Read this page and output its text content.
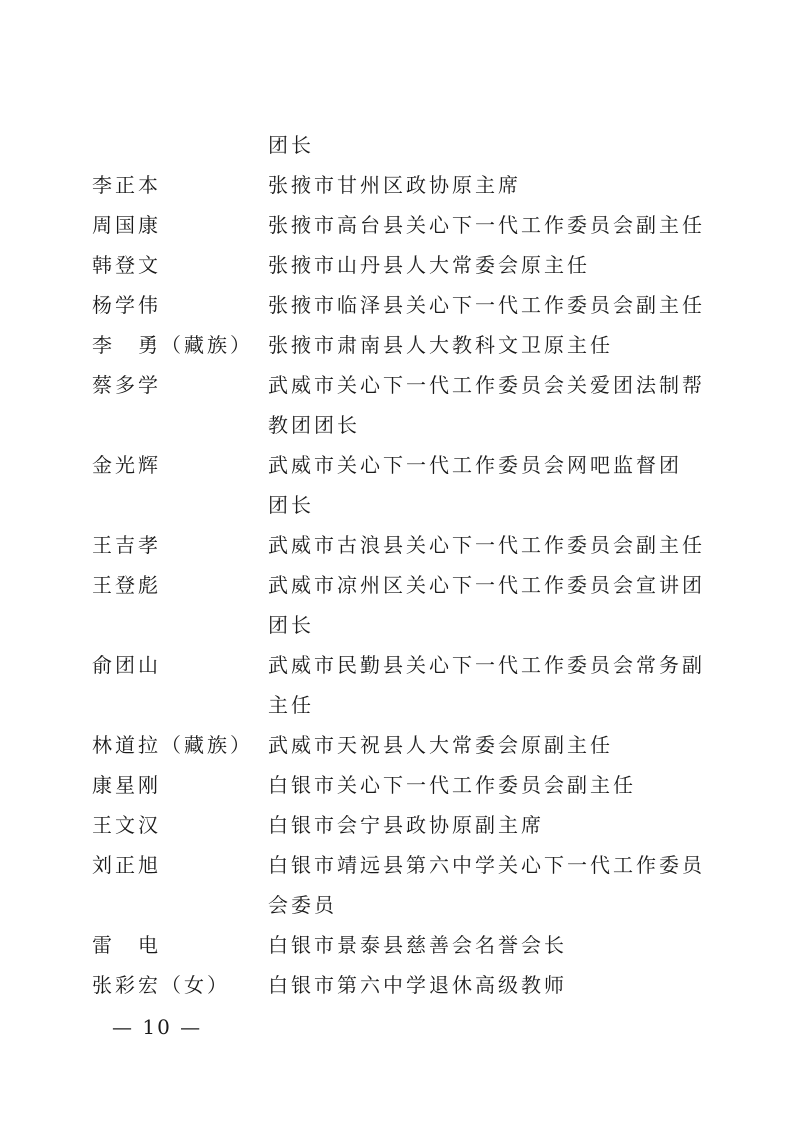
团长
李正本	张掖市甘州区政协原主席
周国康	张掖市高台县关心下一代工作委员会副主任
韩登文	张掖市山丹县人大常委会原主任
杨学伟	张掖市临泽县关心下一代工作委员会副主任
李　勇（藏族） 张掖市肃南县人大教科文卫原主任
蔡多学	武威市关心下一代工作委员会关爱团法制帮
教团团长
金光辉	武威市关心下一代工作委员会网吧监督团
团长
王吉孝	武威市古浪县关心下一代工作委员会副主任
王登彪	武威市凉州区关心下一代工作委员会宣讲团
团长
俞团山	武威市民勤县关心下一代工作委员会常务副
主任
林道拉（藏族） 武威市天祝县人大常委会原副主任
康星刚	白银市关心下一代工作委员会副主任
王文汉	白银市会宁县政协原副主席
刘正旭	白银市靖远县第六中学关心下一代工作委员
会委员
雷　电	白银市景泰县慈善会名誉会长
张彩宏（女） 白银市第六中学退休高级教师
— 10 —
